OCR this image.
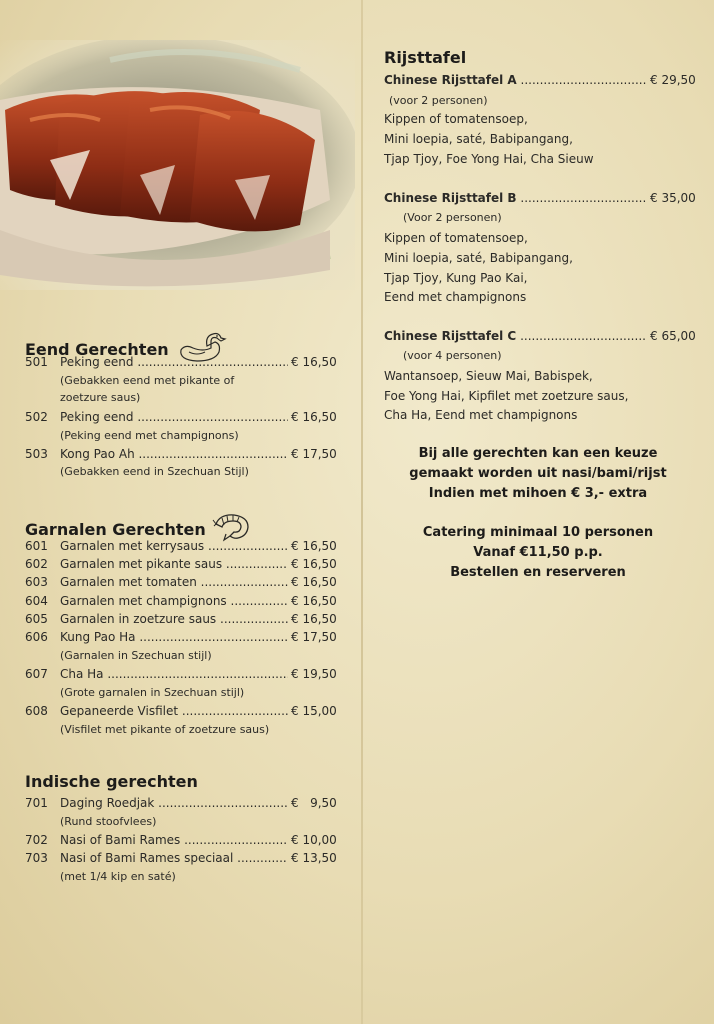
Eend Gerechten
501 Peking eend .....	€ 16,50
(Gebakken eend met pikante of
zoetzure saus)
502 Peking eend .....	€ 16,50
(Peking eend met champignons)
503 Kong Pao Ah .....	€ 17,50
(Gebakken eend in Szechuan Stijl)
Garnalen Gerechten
601 Garnalen met kerrysaus .....	€ 16,50
602 Garnalen met pikante saus .....	€ 16,50
603 Garnalen met tomaten .....	€ 16,50
604 Garnalen met champignons .....	€ 16,50
605 Garnalen in zoetzure saus .....	€ 16,50
606 Kung Pao Ha .....	€ 17,50
(Garnalen in Szechuan stijl)
607 Cha Ha .....	€ 19,50
(Grote garnalen in Szechuan stijl)
608 Gepaneerde Visfilet .....	€ 15,00
(Visfilet met pikante of zoetzure saus)
Indische gerechten
701 Daging Roedjak .....	€   9,50
(Rund stoofvlees)
702 Nasi of Bami Rames .....	€ 10,00
703 Nasi of Bami Rames speciaal .....	€ 13,50
(met 1/4 kip en saté)
Rijsttafel
Chinese Rijsttafel A .....	€ 29,50
(voor 2 personen)
Kippen of tomatensoep,
Mini loepia, saté, Babipangang,
Tjap Tjoy, Foe Yong Hai, Cha Sieuw
Chinese Rijsttafel B .....	€ 35,00
(Voor 2 personen)
Kippen of tomatensoep,
Mini loepia, saté, Babipangang,
Tjap Tjoy, Kung Pao Kai,
Eend met champignons
Chinese Rijsttafel C .....	€ 65,00
(voor 4 personen)
Wantansoep, Sieuw Mai, Babispek,
Foe Yong Hai, Kipfilet met zoetzure saus,
Cha Ha, Eend met champignons
Bij alle gerechten kan een keuze
gemaakt worden uit nasi/bami/rijst
Indien met mihoen € 3,- extra
Catering minimaal 10 personen
Vanaf €11,50 p.p.
Bestellen en reserveren
